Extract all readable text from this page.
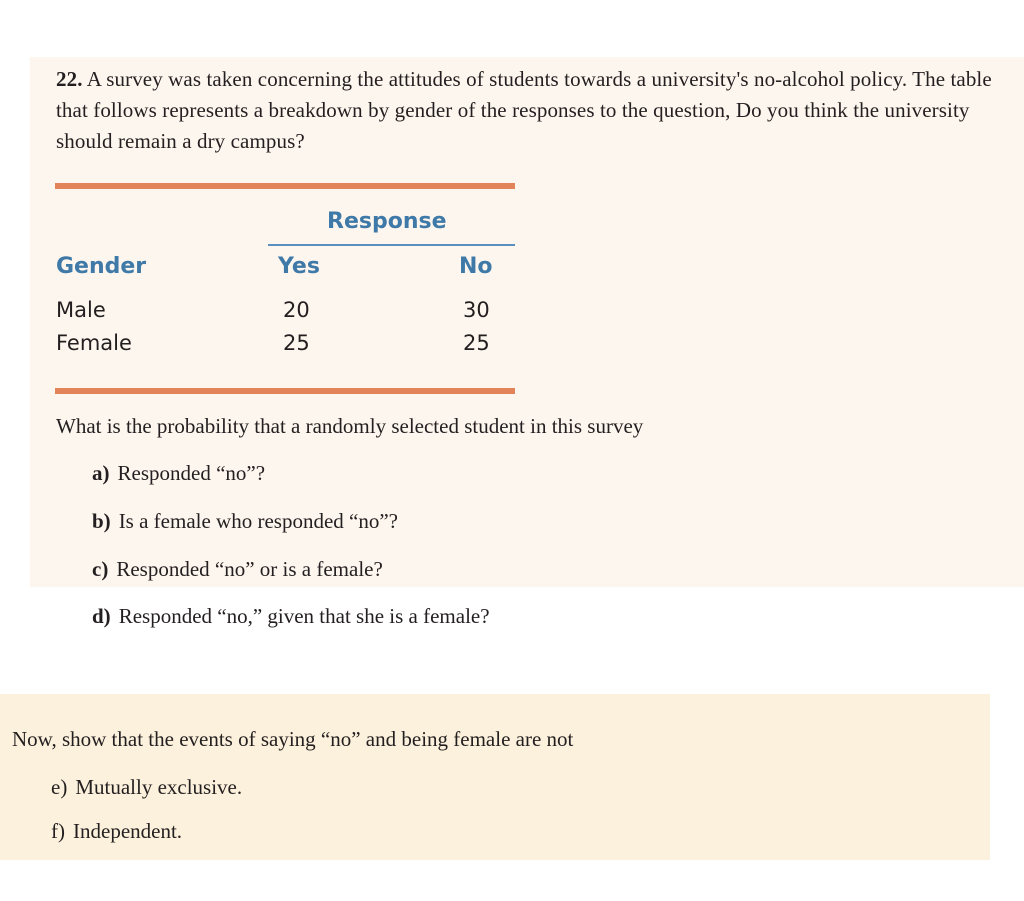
22. A survey was taken concerning the attitudes of students towards a university's no-alcohol policy. The table that follows represents a breakdown by gender of the responses to the question, Do you think the university should remain a dry campus?
Response
Gender	Yes	No
Male	20	30
Female	25	25
What is the probability that a randomly selected student in this survey
a) Responded “no”?
b) Is a female who responded “no”?
c) Responded “no” or is a female?
d) Responded “no,” given that she is a female?
Now, show that the events of saying “no” and being female are not
e) Mutually exclusive.
f) Independent.
